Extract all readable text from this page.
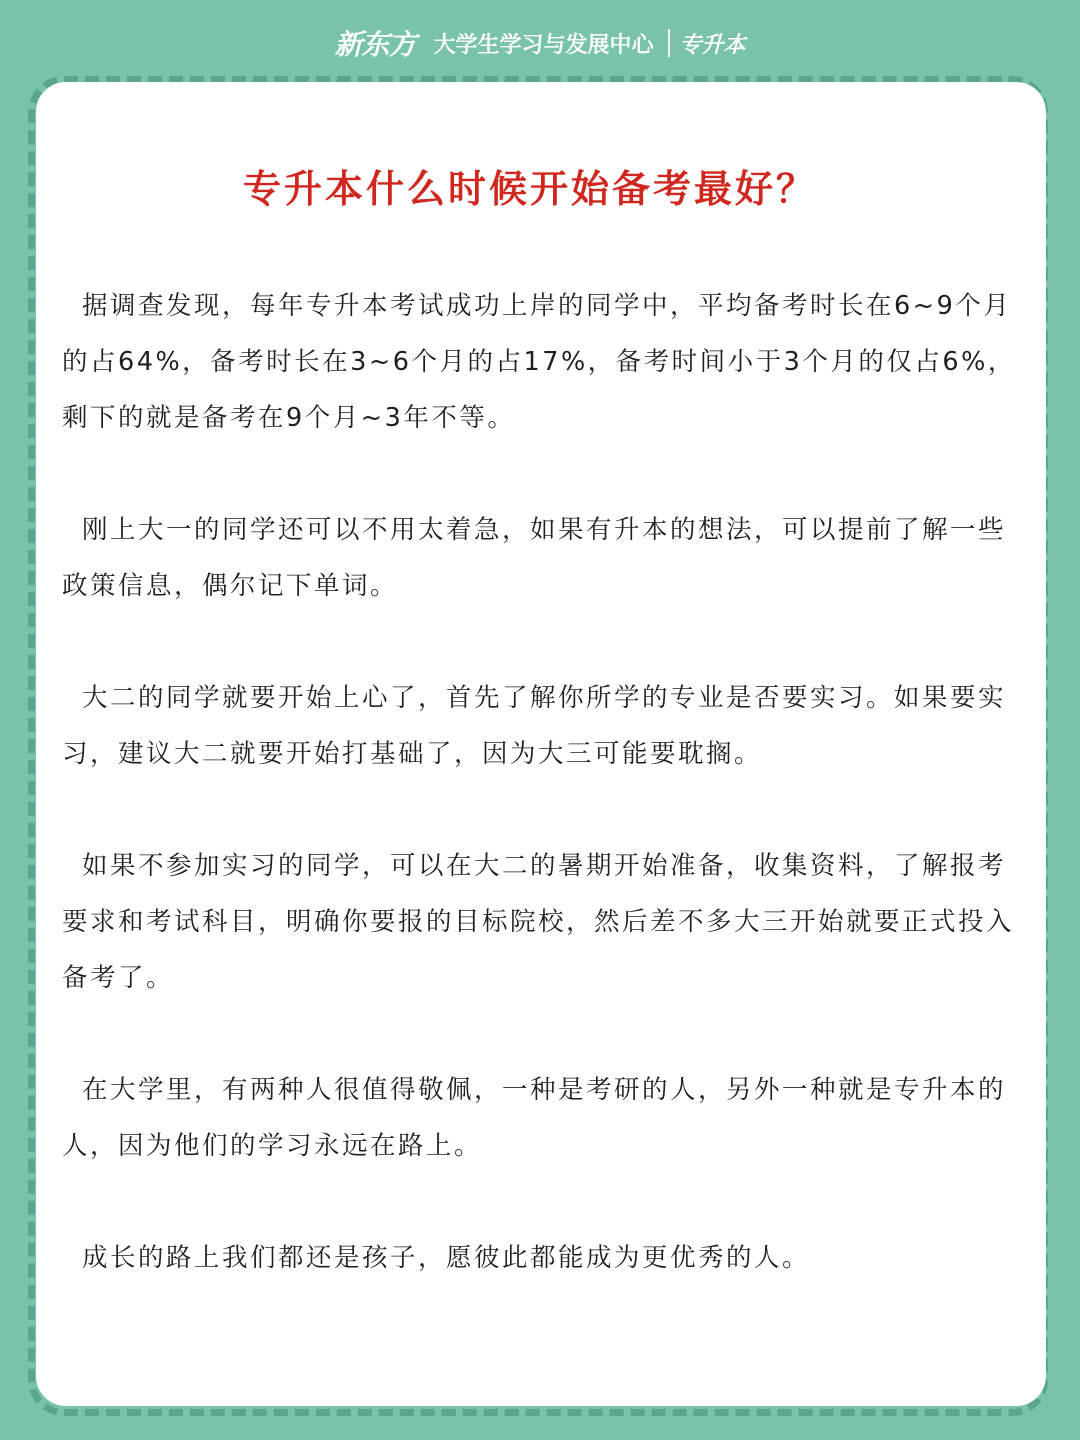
新东方 大学生学习与发展中心 专升本
专升本什么时候开始备考最好？

据调查发现，每年专升本考试成功上岸的同学中，平均备考时长在6~9个月的占64%，备考时长在3~6个月的占17%，备考时间小于3个月的仅占6%，剩下的就是备考在9个月~3年不等。

刚上大一的同学还可以不用太着急，如果有升本的想法，可以提前了解一些政策信息，偶尔记下单词。

大二的同学就要开始上心了，首先了解你所学的专业是否要实习。如果要实习，建议大二就要开始打基础了，因为大三可能要耽搁。

如果不参加实习的同学，可以在大二的暑期开始准备，收集资料，了解报考要求和考试科目，明确你要报的目标院校，然后差不多大三开始就要正式投入备考了。

在大学里，有两种人很值得敬佩，一种是考研的人，另外一种就是专升本的人，因为他们的学习永远在路上。

成长的路上我们都还是孩子，愿彼此都能成为更优秀的人。
